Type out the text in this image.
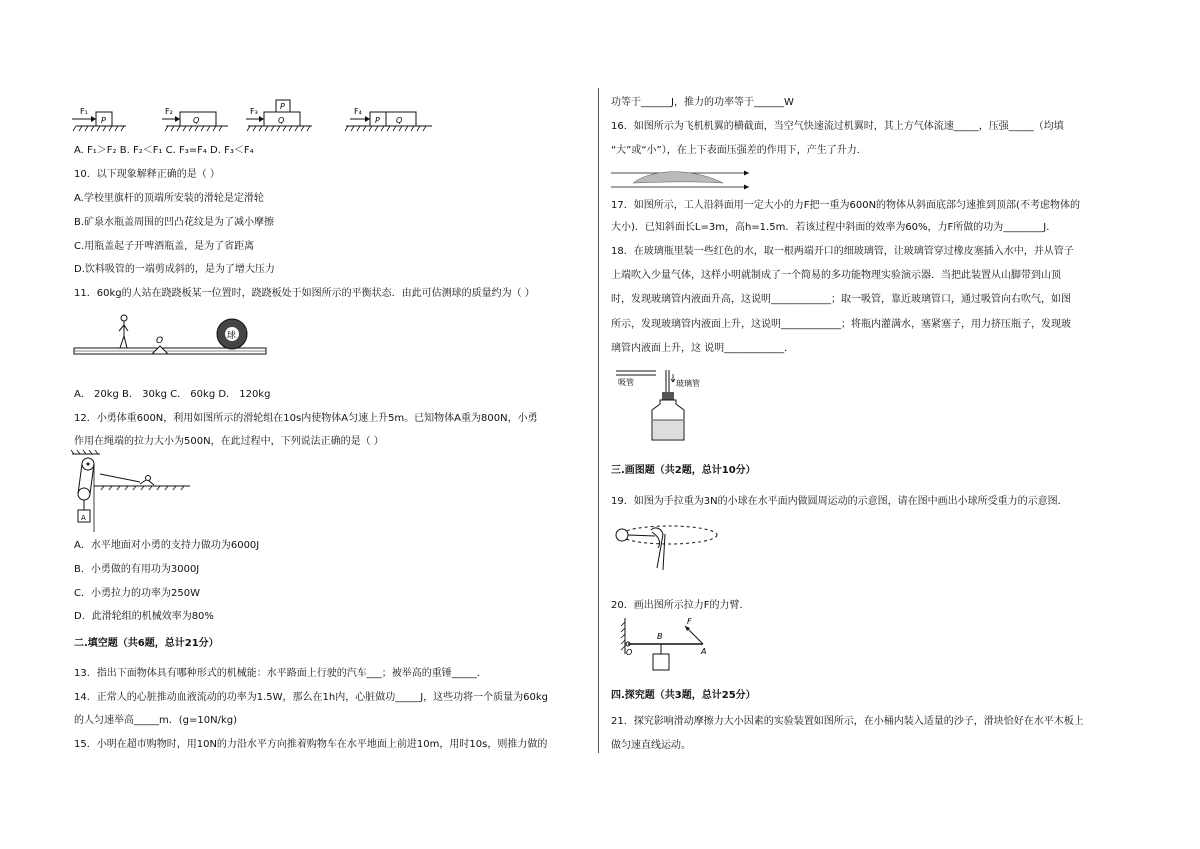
F₁
P
F₂
Q
F₃
P
Q
F₄
P Q
A. F₁＞F₂ B. F₂＜F₁ C. F₃=F₄ D. F₃＜F₄
10．以下现象解释正确的是（ ）
A.学校里旗杆的顶端所安装的滑轮是定滑轮
B.矿泉水瓶盖周围的凹凸花纹是为了减小摩擦
C.用瓶盖起子开啤酒瓶盖，是为了省距离
D.饮料吸管的一端剪成斜的，是为了增大压力
11．60kg的人站在跷跷板某一位置时，跷跷板处于如图所示的平衡状态．由此可估测球的质量约为（ ）
O	球
A． 20kg B． 30kg C． 60kg D． 120kg
12．小勇体重600N，利用如图所示的滑轮组在10s内使物体A匀速上升5m。已知物体A重为800N，小勇
作用在绳端的拉力大小为500N，在此过程中，下列说法正确的是（ ）
A
A．水平地面对小勇的支持力做功为6000J
B．小勇做的有用功为3000J
C．小勇拉力的功率为250W
D．此滑轮组的机械效率为80%
二.填空题（共6题，总计21分）
13．指出下面物体具有哪种形式的机械能：水平路面上行驶的汽车___；被举高的重锤_____．
14．正常人的心脏推动血液流动的功率为1.5W，那么在1h内，心脏做功_____J，这些功将一个质量为60kg
的人匀速举高_____m．(g=10N/kg)
15．小明在超市购物时，用10N的力沿水平方向推着购物车在水平地面上前进10m，用时10s，则推力做的
功等于______J，推力的功率等于______W
16．如图所示为飞机机翼的横截面，当空气快速流过机翼时，其上方气体流速_____，压强_____（均填
“大”或“小”），在上下表面压强差的作用下，产生了升力．
17．如图所示，工人沿斜面用一定大小的力F把一重为600N的物体从斜面底部匀速推到顶部(不考虑物体的
大小)．已知斜面长L=3m，高h=1.5m．若该过程中斜面的效率为60%，力F所做的功为________J．
18．在玻璃瓶里装一些红色的水，取一根两端开口的细玻璃管，让玻璃管穿过橡皮塞插入水中，并从管子
上端吹入少量气体，这样小明就制成了一个简易的多功能物理实验演示器．当把此装置从山脚带到山顶
时，发现玻璃管内液面升高，这说明____________；取一吸管，靠近玻璃管口，通过吸管向右吹气，如图
所示，发现玻璃管内液面上升，这说明____________；将瓶内灌满水，塞紧塞子，用力挤压瓶子，发现玻
璃管内液面上升，这 说明____________．
吸管	玻璃管
三.画图题（共2题，总计10分）
19．如图为手拉重为3N的小球在水平面内做圆周运动的示意图，请在图中画出小球所受重力的示意图．
20．画出图所示拉力F的力臂．
F
B
O	A
四.探究题（共3题，总计25分）
21．探究影响滑动摩擦力大小因素的实验装置如图所示，在小桶内装入适量的沙子，滑块恰好在水平木板上
做匀速直线运动。
